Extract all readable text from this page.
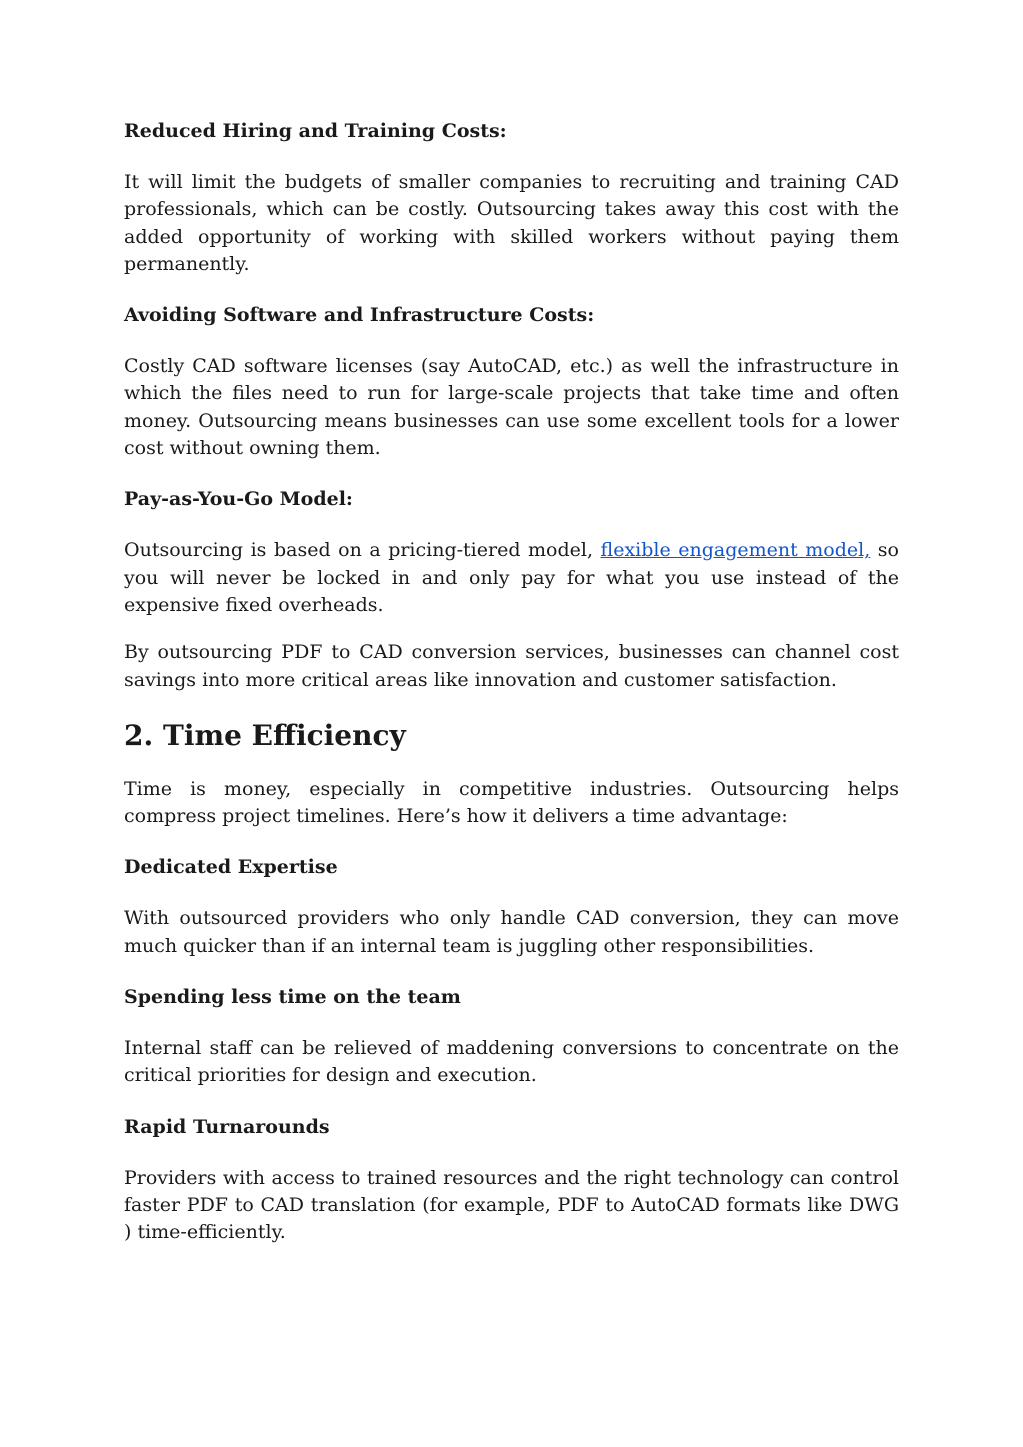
Reduced Hiring and Training Costs:

It will limit the budgets of smaller companies to recruiting and training CAD professionals, which can be costly. Outsourcing takes away this cost with the added opportunity of working with skilled workers without paying them permanently.

Avoiding Software and Infrastructure Costs:

Costly CAD software licenses (say AutoCAD, etc.) as well the infrastructure in which the files need to run for large-scale projects that take time and often money. Outsourcing means businesses can use some excellent tools for a lower cost without owning them.

Pay-as-You-Go Model:

Outsourcing is based on a pricing-tiered model, flexible engagement model, so you will never be locked in and only pay for what you use instead of the expensive fixed overheads.

By outsourcing PDF to CAD conversion services, businesses can channel cost savings into more critical areas like innovation and customer satisfaction.

2. Time Efficiency

Time is money, especially in competitive industries. Outsourcing helps compress project timelines. Here’s how it delivers a time advantage:

Dedicated Expertise

With outsourced providers who only handle CAD conversion, they can move much quicker than if an internal team is juggling other responsibilities.

Spending less time on the team

Internal staff can be relieved of maddening conversions to concentrate on the critical priorities for design and execution.

Rapid Turnarounds

Providers with access to trained resources and the right technology can control faster PDF to CAD translation (for example, PDF to AutoCAD formats like DWG ) time-efficiently.
